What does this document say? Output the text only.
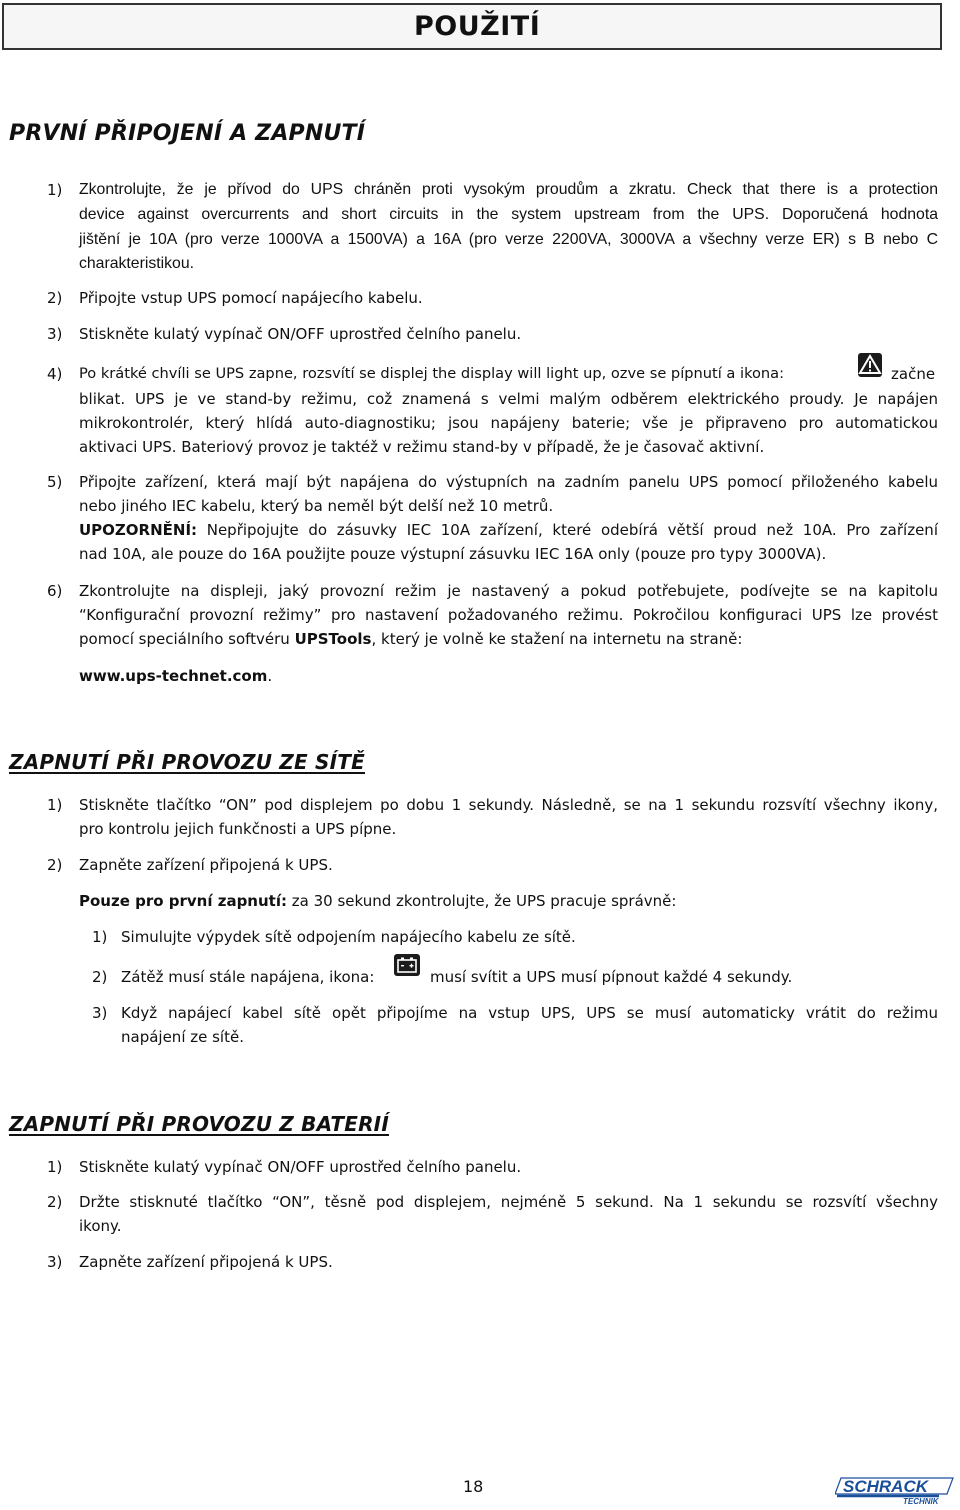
POUŽITÍ
PRVNÍ PŘIPOJENÍ A ZAPNUTÍ
1) Zkontrolujte, že je přívod do UPS chráněn proti vysokým proudům a zkratu. Check that there is a protection
device against overcurrents and short circuits in the system upstream from the UPS. Doporučená hodnota
jištění je 10A (pro verze 1000VA a 1500VA) a 16A (pro verze 2200VA, 3000VA a všechny verze ER) s B nebo C
charakteristikou.
2) Připojte vstup UPS pomocí napájecího kabelu.
3) Stiskněte kulatý vypínač ON/OFF uprostřed čelního panelu.
4) Po krátké chvíli se UPS zapne, rozsvítí se displej the display will light up, ozve se pípnutí a ikona:	začne
blikat. UPS je ve stand-by režimu, což znamená s velmi malým odběrem elektrického proudy. Je napájen
mikrokontrolér, který hlídá auto-diagnostiku; jsou napájeny baterie; vše je připraveno pro automatickou
aktivaci UPS. Bateriový provoz je taktéž v režimu stand-by v případě, že je časovač aktivní.
5) Připojte zařízení, která mají být napájena do výstupních na zadním panelu UPS pomocí přiloženého kabelu
nebo jiného IEC kabelu, který ba neměl být delší než 10 metrů.
UPOZORNĚNÍ: Nepřipojujte do zásuvky IEC 10A zařízení, které odebírá větší proud než 10A. Pro zařízení
nad 10A, ale pouze do 16A použijte pouze výstupní zásuvku IEC 16A only (pouze pro typy 3000VA).
6) Zkontrolujte na displeji, jaký provozní režim je nastavený a pokud potřebujete, podívejte se na kapitolu
“Konfigurační provozní režimy” pro nastavení požadovaného režimu. Pokročilou konfiguraci UPS lze provést
pomocí speciálního softvéru UPSTools, který je volně ke stažení na internetu na straně:
www.ups-technet.com.
ZAPNUTÍ PŘI PROVOZU ZE SÍTĚ
1) Stiskněte tlačítko “ON” pod displejem po dobu 1 sekundy. Následně, se na 1 sekundu rozsvítí všechny ikony,
pro kontrolu jejich funkčnosti a UPS pípne.
2) Zapněte zařízení připojená k UPS.
Pouze pro první zapnutí: za 30 sekund zkontrolujte, že UPS pracuje správně:
1) Simulujte výpydek sítě odpojením napájecího kabelu ze sítě.
2) Zátěž musí stále napájena, ikona:	musí svítit a UPS musí pípnout každé 4 sekundy.
3) Když napájecí kabel sítě opět připojíme na vstup UPS, UPS se musí automaticky vrátit do režimu
napájení ze sítě.
ZAPNUTÍ PŘI PROVOZU Z BATERIÍ
1) Stiskněte kulatý vypínač ON/OFF uprostřed čelního panelu.
2) Držte stisknuté tlačítko “ON”, těsně pod displejem, nejméně 5 sekund. Na 1 sekundu se rozsvítí všechny
ikony.
3) Zapněte zařízení připojená k UPS.
18	SCHRACK
TECHNIK
